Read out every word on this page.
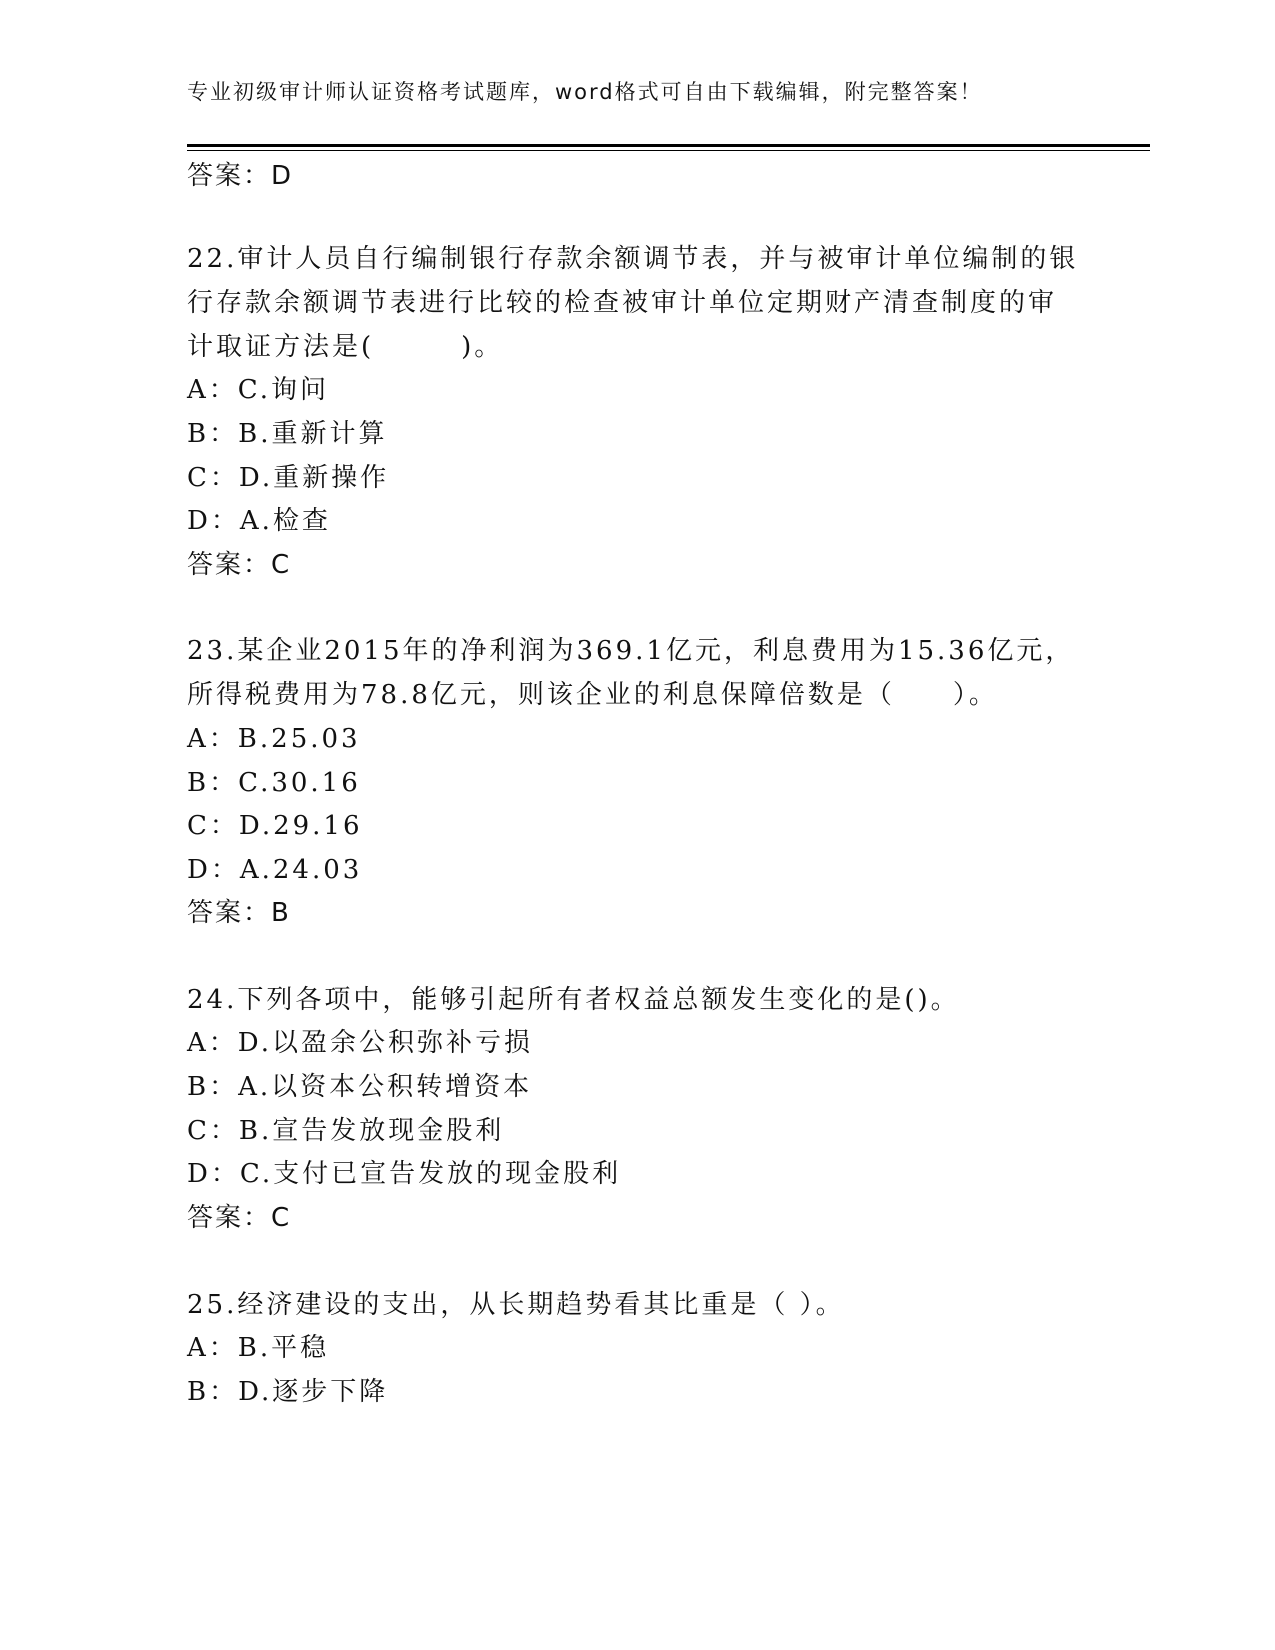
专业初级审计师认证资格考试题库，word格式可自由下载编辑，附完整答案！
答案：D
22.审计人员自行编制银行存款余额调节表，并与被审计单位编制的银
行存款余额调节表进行比较的检查被审计单位定期财产清查制度的审
计取证方法是(　　　)。
A：C.询问
B：B.重新计算
C：D.重新操作
D：A.检查
答案：C
23.某企业2015年的净利润为369.1亿元，利息费用为15.36亿元，
所得税费用为78.8亿元，则该企业的利息保障倍数是（　　）。
A：B.25.03
B：C.30.16
C：D.29.16
D：A.24.03
答案：B
24.下列各项中，能够引起所有者权益总额发生变化的是()。
A：D.以盈余公积弥补亏损
B：A.以资本公积转增资本
C：B.宣告发放现金股利
D：C.支付已宣告发放的现金股利
答案：C
25.经济建设的支出，从长期趋势看其比重是（ ）。
A：B.平稳
B：D.逐步下降
